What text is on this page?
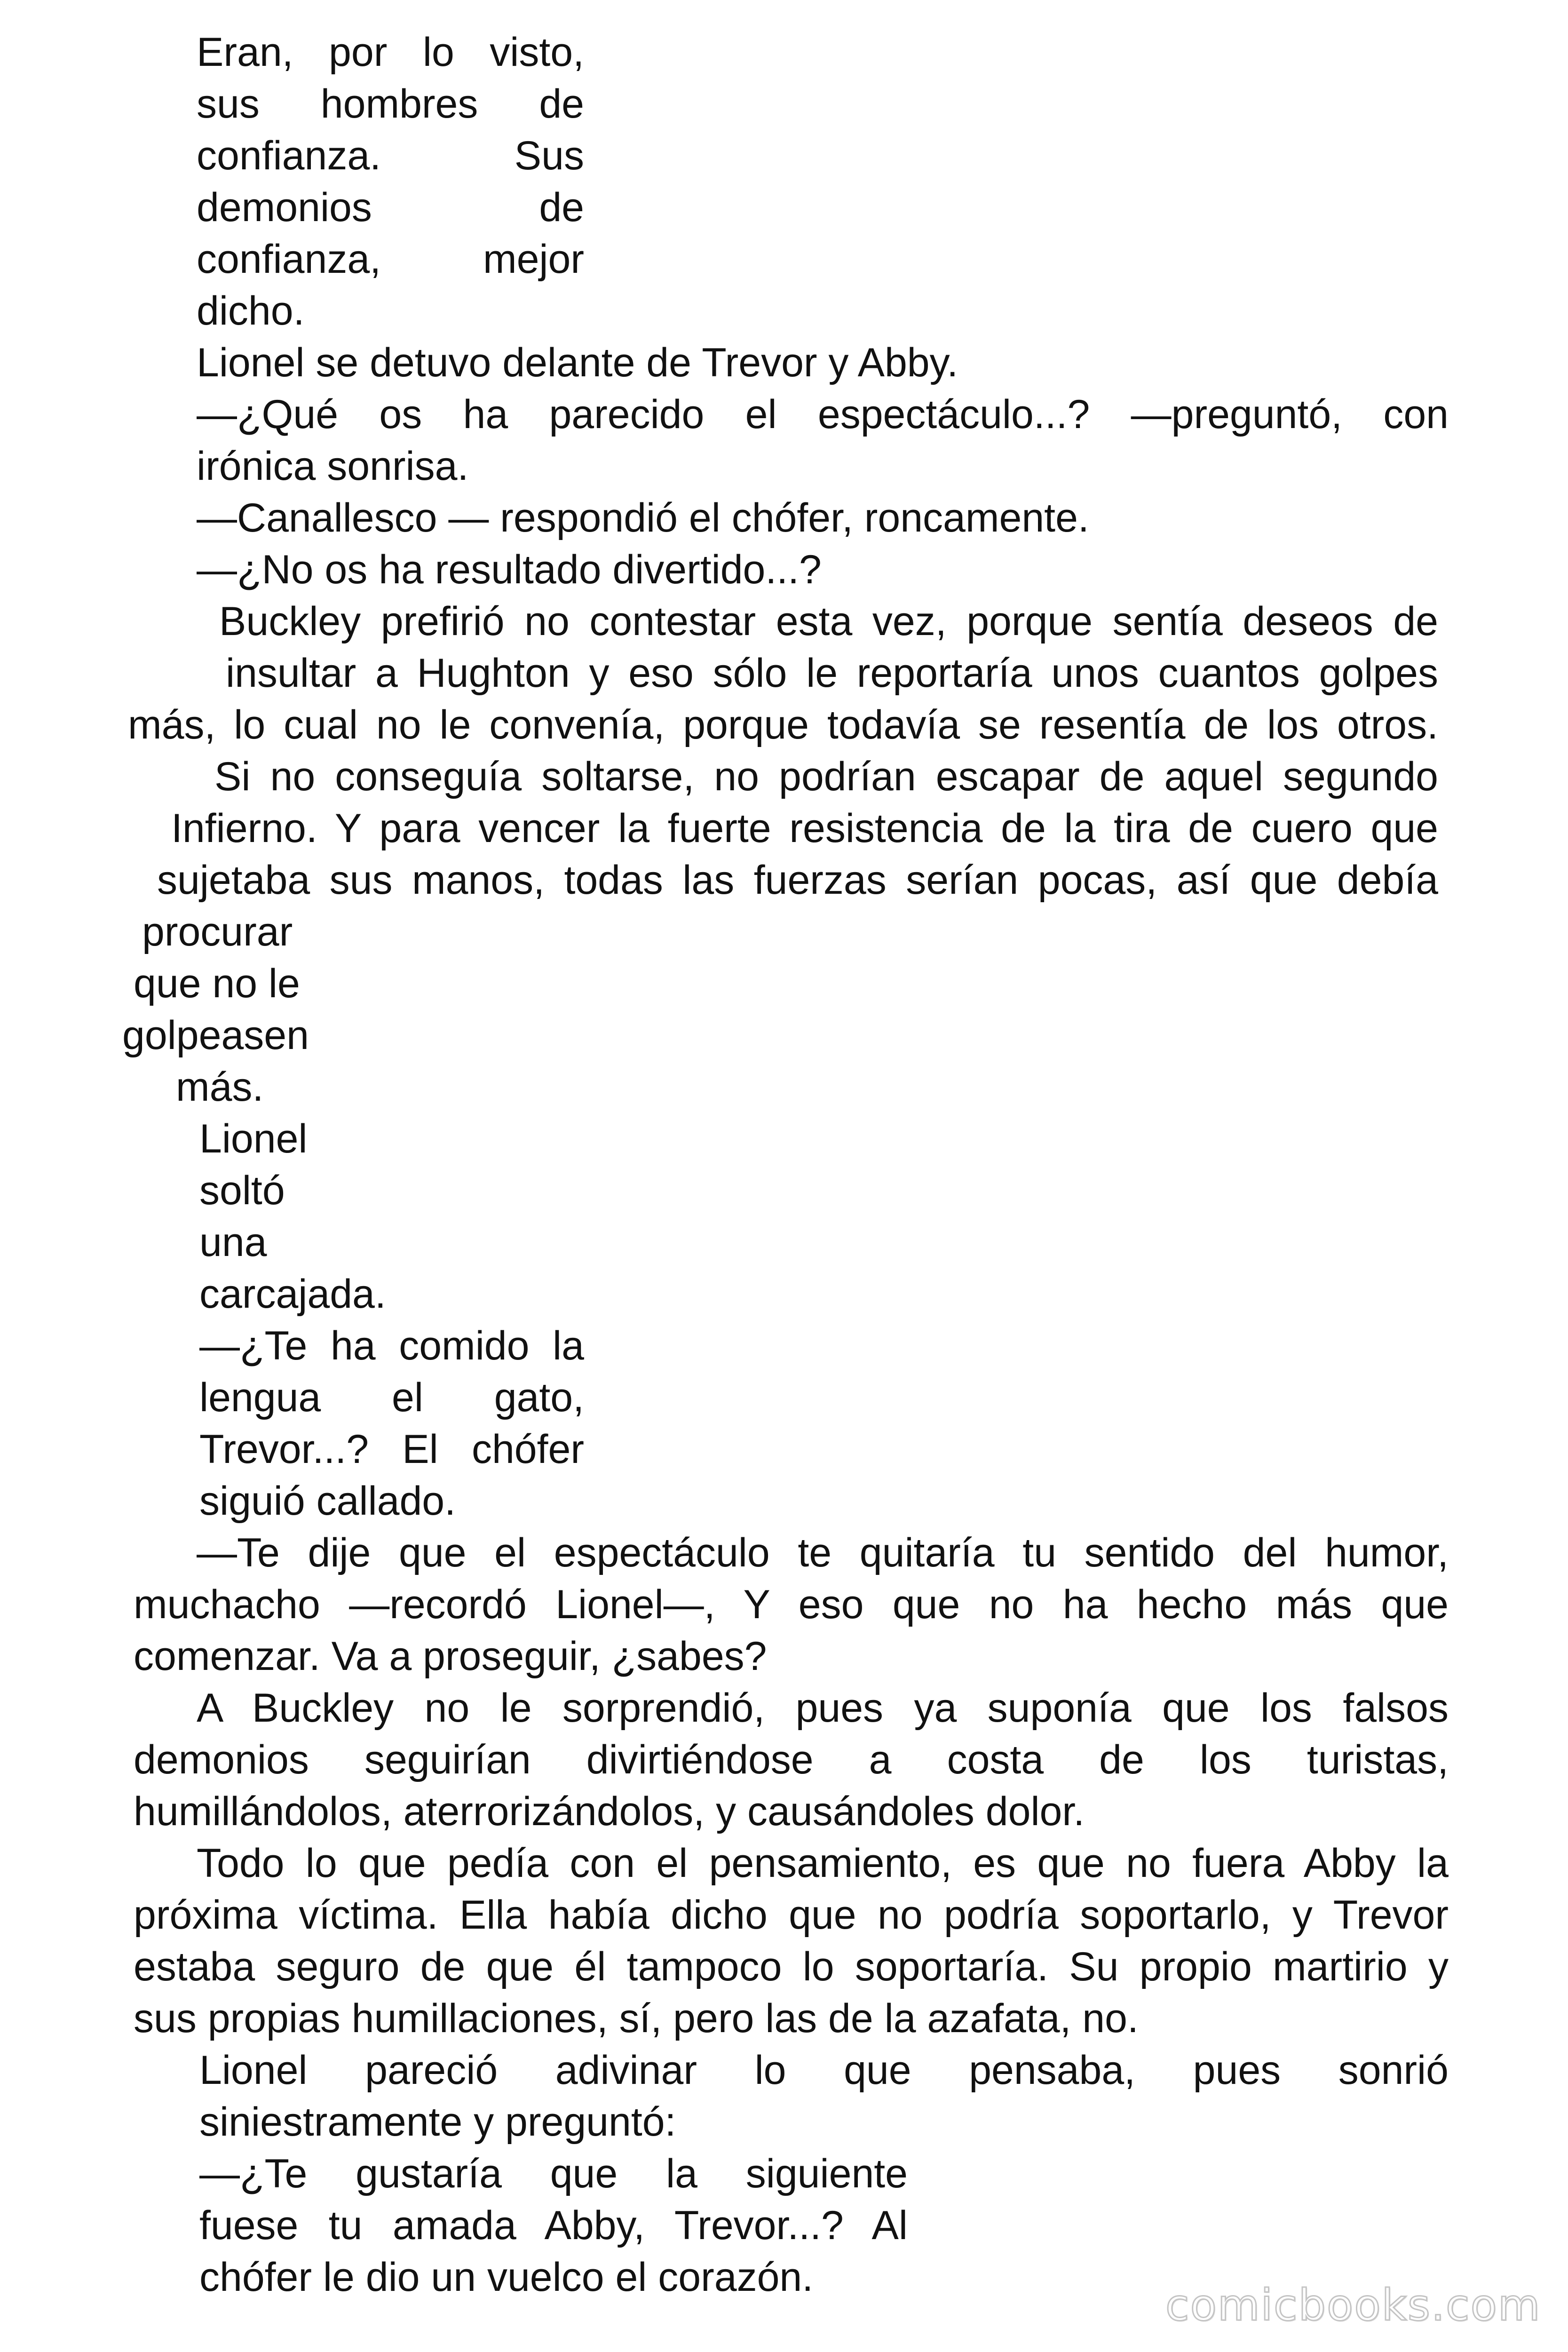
Eran, por lo visto,
sus hombres de
confianza. Sus
demonios de
confianza, mejor
dicho.
Lionel se detuvo delante de Trevor y Abby.
—¿Qué os ha parecido el espectáculo...? —preguntó, con
irónica sonrisa.
—Canallesco — respondió el chófer, roncamente.
—¿No os ha resultado divertido...?
Buckley prefirió no contestar esta vez, porque sentía deseos de
insultar a Hughton y eso sólo le reportaría unos cuantos golpes
más, lo cual no le convenía, porque todavía se resentía de los otros.
Si no conseguía soltarse, no podrían escapar de aquel segundo
Infierno. Y para vencer la fuerte resistencia de la tira de cuero que
sujetaba sus manos, todas las fuerzas serían pocas, así que debía
procurar
que no le
golpeasen
más.
Lionel
soltó
una
carcajada.
—¿Te ha comido la
lengua el gato,
Trevor...? El chófer
siguió callado.
—Te dije que el espectáculo te quitaría tu sentido del humor,
muchacho —recordó Lionel—, Y eso que no ha hecho más que
comenzar. Va a proseguir, ¿sabes?
A Buckley no le sorprendió, pues ya suponía que los falsos
demonios seguirían divirtiéndose a costa de los turistas,
humillándolos, aterrorizándolos, y causándoles dolor.
Todo lo que pedía con el pensamiento, es que no fuera Abby la
próxima víctima. Ella había dicho que no podría soportarlo, y Trevor
estaba seguro de que él tampoco lo soportaría. Su propio martirio y
sus propias humillaciones, sí, pero las de la azafata, no.
Lionel pareció adivinar lo que pensaba, pues sonrió
siniestramente y preguntó:
—¿Te gustaría que la siguiente
fuese tu amada Abby, Trevor...? Al
chófer le dio un vuelco el corazón.
comicbooks.com
